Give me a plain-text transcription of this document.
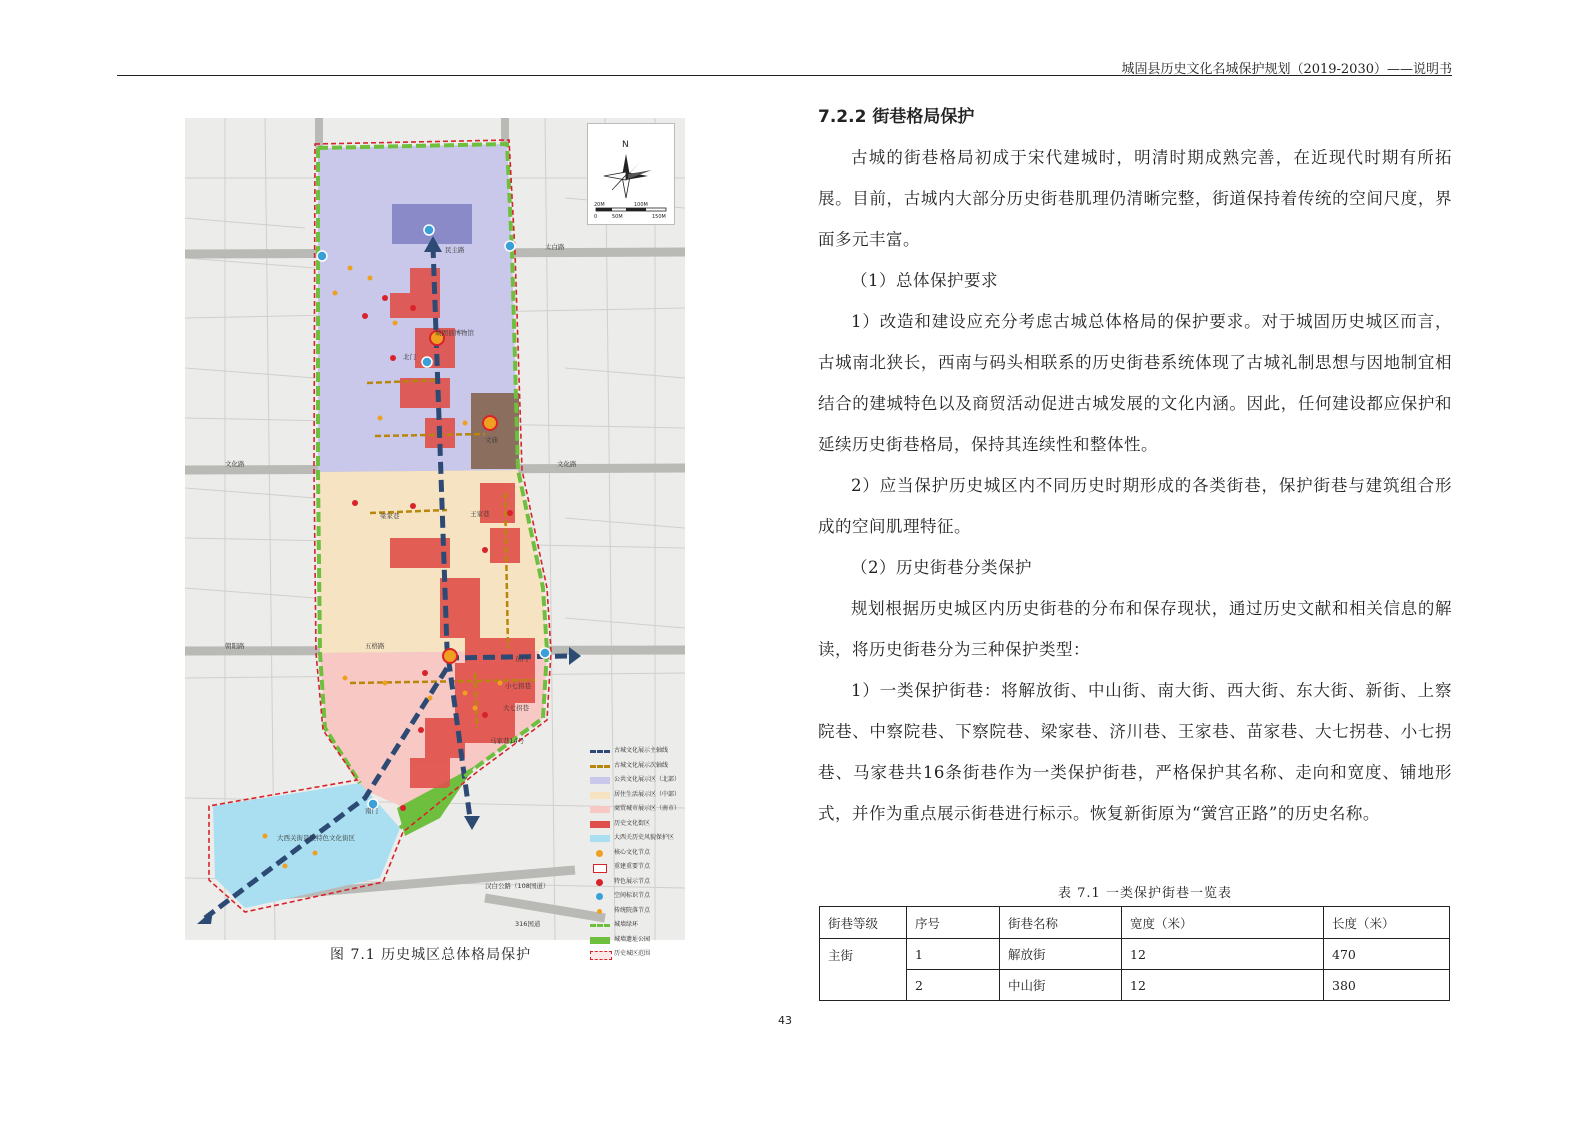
城固县历史文化名城保护规划（2019-2030）——说明书
城固县博物馆
北门
民主路	太白路
文化路	文化路
朝阳路	五格路
东门
南门
梁家巷	王家巷
大七拐巷
小七拐巷
马家巷14号
文庙
大西关街景区特色文化街区
汉白公路（108国道）
316国道
N
20M	100M
0	50M	150M
古城文化展示主轴线
古城文化展示次轴线
公共文化展示区（北部）
居住生活展示区（中部）
商贸城市展示区（南市）
历史文化街区
大西关历史风貌保护区
核心文化节点
重建重要节点
特色展示节点
空间标识节点
传统院落节点
城墙绿环
城墙遗址公园
历史城区范围
图 7.1 历史城区总体格局保护
7.2.2 街巷格局保护

古城的街巷格局初成于宋代建城时，明清时期成熟完善，在近现代时期有所拓展。目前，古城内大部分历史街巷肌理仍清晰完整，街道保持着传统的空间尺度，界面多元丰富。

（1）总体保护要求

1）改造和建设应充分考虑古城总体格局的保护要求。对于城固历史城区而言，古城南北狭长，西南与码头相联系的历史街巷系统体现了古城礼制思想与因地制宜相结合的建城特色以及商贸活动促进古城发展的文化内涵。因此，任何建设都应保护和延续历史街巷格局，保持其连续性和整体性。

2）应当保护历史城区内不同历史时期形成的各类街巷，保护街巷与建筑组合形成的空间肌理特征。

（2）历史街巷分类保护

规划根据历史城区内历史街巷的分布和保存现状，通过历史文献和相关信息的解读，将历史街巷分为三种保护类型：

1）一类保护街巷：将解放街、中山街、南大街、西大街、东大街、新街、上察院巷、中察院巷、下察院巷、梁家巷、济川巷、王家巷、苗家巷、大七拐巷、小七拐巷、马家巷共16条街巷作为一类保护街巷，严格保护其名称、走向和宽度、铺地形式，并作为重点展示街巷进行标示。恢复新街原为“黉宫正路”的历史名称。

表 7.1 一类保护街巷一览表
街巷等级	序号	街巷名称	宽度（米）	长度（米）
主街	1	解放街	12	470
	2	中山街	12	380
43
